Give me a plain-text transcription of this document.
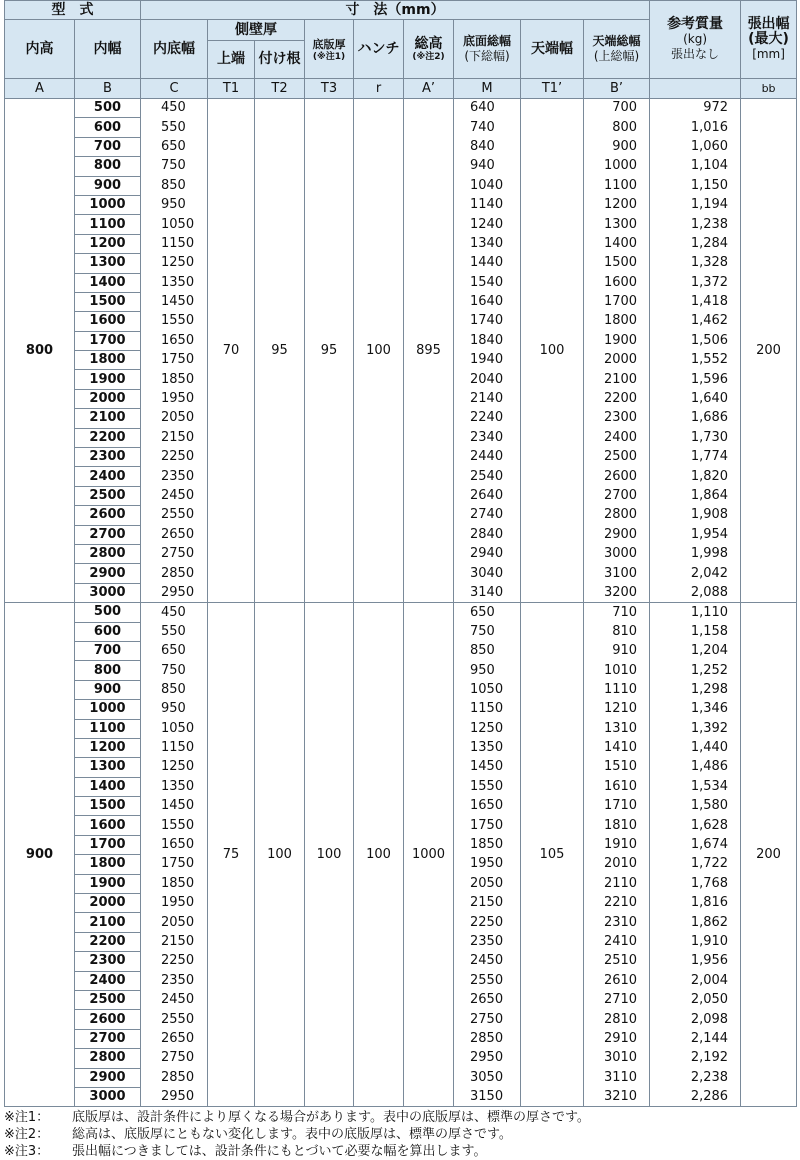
型　式		寸　法（mm）									参考質量
(kg)
張出なし	張出幅
(最大)
[mm]
内高	内幅	内底幅	側壁厚		底版厚
(※注1)	ハンチ	総高
(※注2)	底面総幅
(下総幅)	天端幅	天端総幅
(上総幅)		
			上端	付け根								
A	B	C	T1	T2	T3	r	A’	M	T1’	B’		bb
800	500	450	70	95	95	100	895	640	100	700	972	200
	600	550						740		800	1,016	
	700	650						840		900	1,060	
	800	750						940		1000	1,104	
	900	850						1040		1100	1,150	
	1000	950						1140		1200	1,194	
	1100	1050						1240		1300	1,238	
	1200	1150						1340		1400	1,284	
	1300	1250						1440		1500	1,328	
	1400	1350						1540		1600	1,372	
	1500	1450						1640		1700	1,418	
	1600	1550						1740		1800	1,462	
	1700	1650						1840		1900	1,506	
	1800	1750						1940		2000	1,552	
	1900	1850						2040		2100	1,596	
	2000	1950						2140		2200	1,640	
	2100	2050						2240		2300	1,686	
	2200	2150						2340		2400	1,730	
	2300	2250						2440		2500	1,774	
	2400	2350						2540		2600	1,820	
	2500	2450						2640		2700	1,864	
	2600	2550						2740		2800	1,908	
	2700	2650						2840		2900	1,954	
	2800	2750						2940		3000	1,998	
	2900	2850						3040		3100	2,042	
	3000	2950						3140		3200	2,088	
900	500	450	75	100	100	100	1000	650	105	710	1,110	200
	600	550						750		810	1,158	
	700	650						850		910	1,204	
	800	750						950		1010	1,252	
	900	850						1050		1110	1,298	
	1000	950						1150		1210	1,346	
	1100	1050						1250		1310	1,392	
	1200	1150						1350		1410	1,440	
	1300	1250						1450		1510	1,486	
	1400	1350						1550		1610	1,534	
	1500	1450						1650		1710	1,580	
	1600	1550						1750		1810	1,628	
	1700	1650						1850		1910	1,674	
	1800	1750						1950		2010	1,722	
	1900	1850						2050		2110	1,768	
	2000	1950						2150		2210	1,816	
	2100	2050						2250		2310	1,862	
	2200	2150						2350		2410	1,910	
	2300	2250						2450		2510	1,956	
	2400	2350						2550		2610	2,004	
	2500	2450						2650		2710	2,050	
	2600	2550						2750		2810	2,098	
	2700	2650						2850		2910	2,144	
	2800	2750						2950		3010	2,192	
	2900	2850						3050		3110	2,238	
	3000	2950						3150		3210	2,286	
※注1： 底版厚は、設計条件により厚くなる場合があります。表中の底版厚は、標準の厚さです。
※注2： 総高は、底版厚にともない変化します。表中の底版厚は、標準の厚さです。
※注3： 張出幅につきましては、設計条件にもとづいて必要な幅を算出します。
